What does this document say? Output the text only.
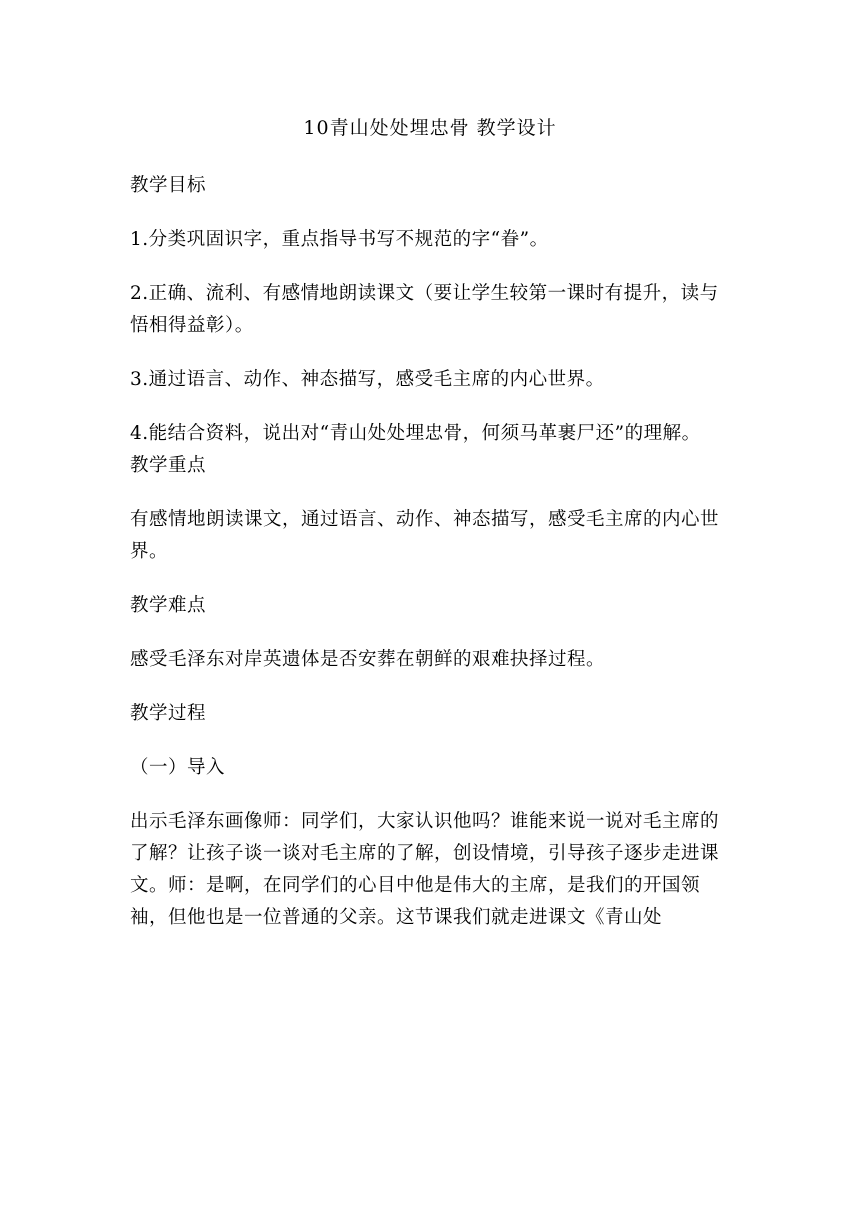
10青山处处埋忠骨 教学设计

教学目标

1.分类巩固识字，重点指导书写不规范的字“眷”。

2.正确、流利、有感情地朗读课文（要让学生较第一课时有提升，读与悟相得益彰）。

3.通过语言、动作、神态描写，感受毛主席的内心世界。

4.能结合资料，说出对“青山处处埋忠骨，何须马革裹尸还”的理解。

教学重点

有感情地朗读课文，通过语言、动作、神态描写，感受毛主席的内心世界。

教学难点

感受毛泽东对岸英遗体是否安葬在朝鲜的艰难抉择过程。

教学过程

（一）导入

出示毛泽东画像师：同学们，大家认识他吗？谁能来说一说对毛主席的了解？让孩子谈一谈对毛主席的了解，创设情境，引导孩子逐步走进课文。师：是啊，在同学们的心目中他是伟大的主席，是我们的开国领袖，但他也是一位普通的父亲。这节课我们就走进课文《青山处
